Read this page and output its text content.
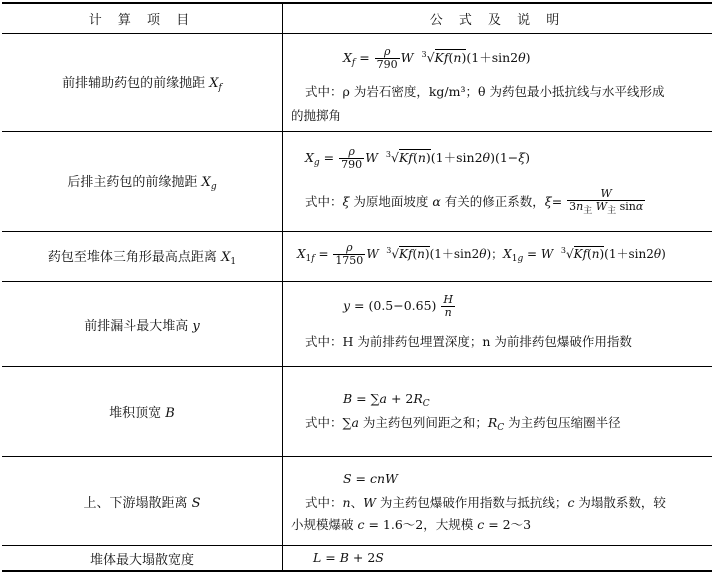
计 算 项 目	公 式 及 说 明
前排辅助药包的前缘抛距 $X_f$
$X_f = \frac{\rho}{790}$ W $^3$√Kf(n)(1＋sin2θ)
式中：ρ 为岩石密度，kg/m³；θ 为药包最小抵抗线与水平线形成
的抛掷角
后排主药包的前缘抛距 $X_g$
$X_g = \frac{\rho}{790}$ W $^3$√Kf(n)(1＋sin2θ)(1−ξ)
式中：ξ 为原地面坡度 α 有关的修正系数，$\xi= \frac{W}{3n_主 W_主 \sin\alpha}$
药包至堆体三角形最高点距离 $X_1$
$X_{1f} = \frac{\rho}{1750}$ W $^3$√Kf(n)(1＋sin2θ)；$X_{1g} = W$ $^3$√Kf(n)(1＋sin2θ)
前排漏斗最大堆高 y
$y = (0.5-0.65) \frac{H}{n}$
式中：H 为前排药包埋置深度；n 为前排药包爆破作用指数
堆积顶宽 B
$B = \sum a + 2R_C$
式中：∑a 为主药包列间距之和；$R_C$ 为主药包压缩圈半径
上、下游塌散距离 S
S = cnW
式中：n、W 为主药包爆破作用指数与抵抗线；c 为塌散系数，较
小规模爆破 c = 1.6～2，大规模 c = 2～3
堆体最大塌散宽度	L = B + 2S
